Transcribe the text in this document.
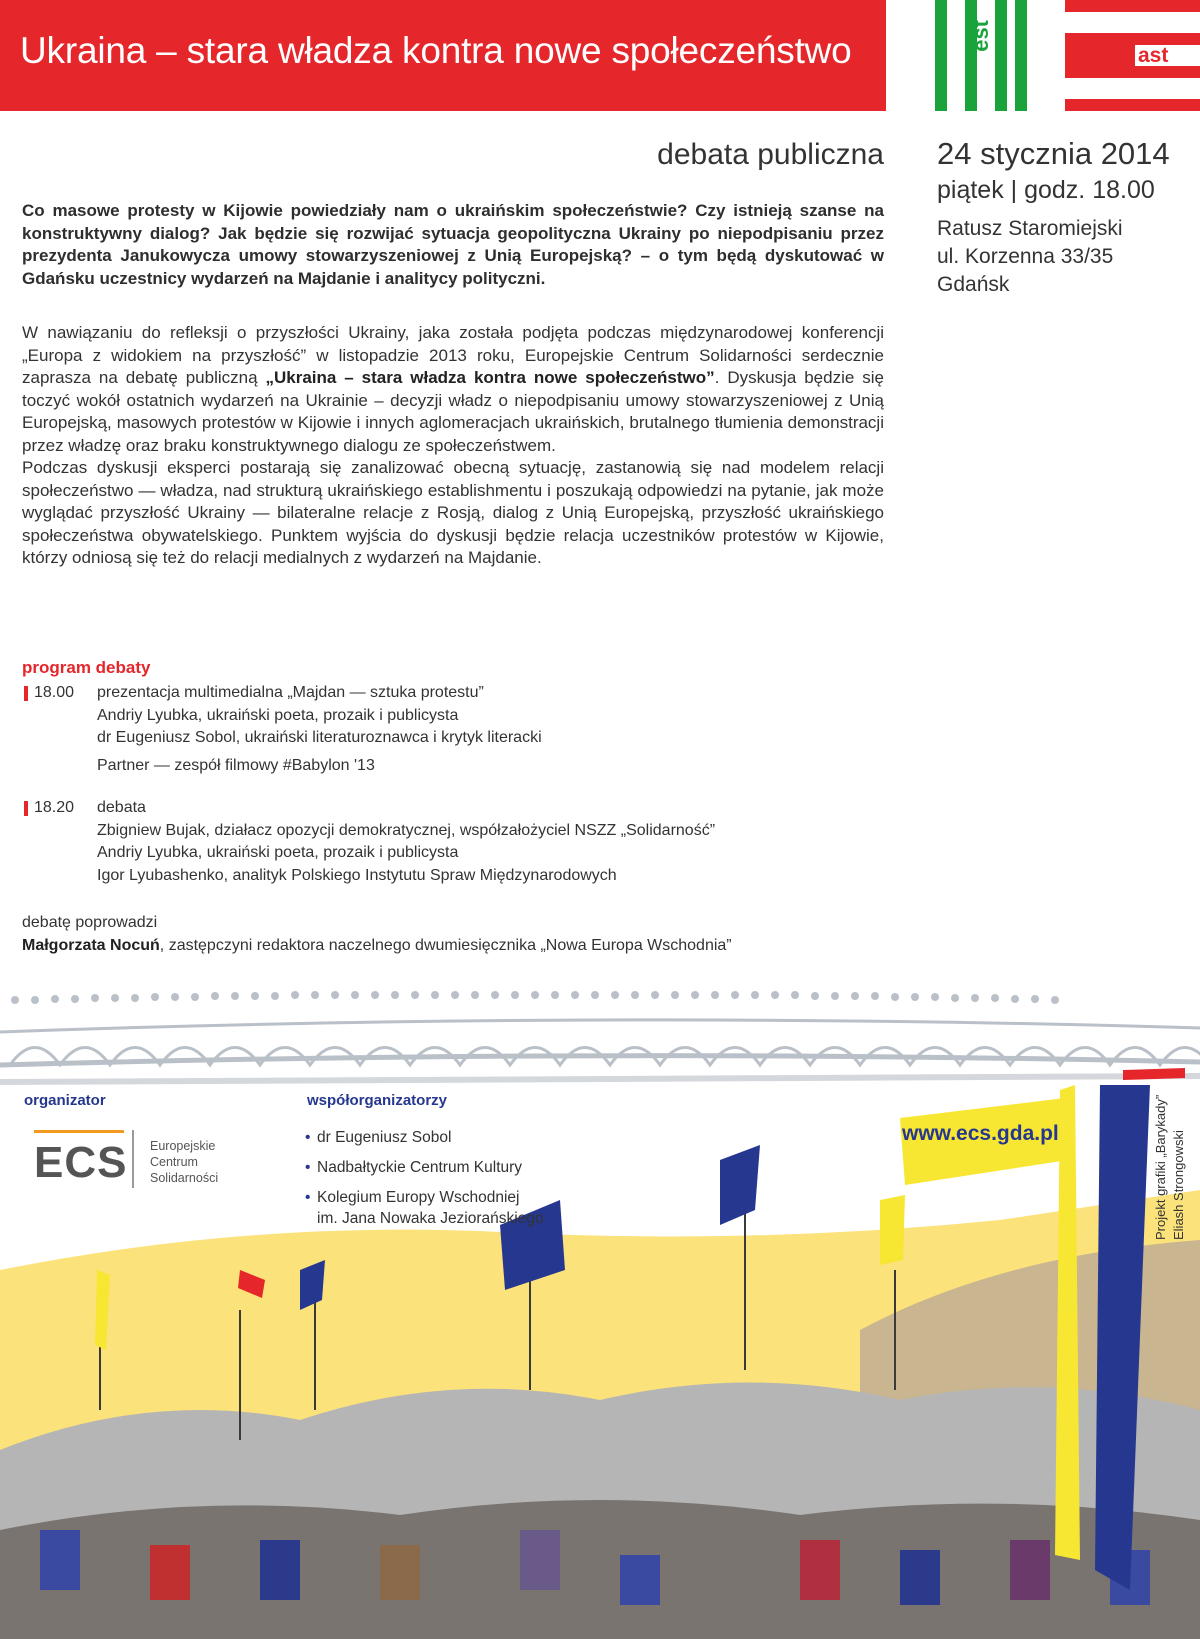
Ukraina – stara władza kontra nowe społeczeństwo	est
ast
debata publiczna 24 stycznia 2014
piątek | godz. 18.00
Ratusz Staromiejski
ul. Korzenna 33/35
Gdańsk
Co masowe protesty w Kijowie powiedziały nam o ukraińskim społeczeństwie? Czy istnieją szanse na konstruktywny dialog? Jak będzie się rozwijać sytuacja geopolityczna Ukrainy po niepodpisaniu przez prezydenta Janukowycza umowy stowarzyszeniowej z Unią Europejską? – o tym będą dyskutować w Gdańsku uczestnicy wydarzeń na Majdanie i analitycy polityczni.

W nawiązaniu do refleksji o przyszłości Ukrainy, jaka została podjęta podczas międzynarodowej konferencji „Europa z widokiem na przyszłość” w listopadzie 2013 roku, Europejskie Centrum Solidarności serdecznie zaprasza na debatę publiczną „Ukraina – stara władza kontra nowe społeczeństwo”. Dyskusja będzie się toczyć wokół ostatnich wydarzeń na Ukrainie – decyzji władz o niepodpisaniu umowy stowarzyszeniowej z Unią Europejską, masowych protestów w Kijowie i innych aglomeracjach ukraińskich, brutalnego tłumienia demonstracji przez władzę oraz braku konstruktywnego dialogu ze społeczeństwem.

Podczas dyskusji eksperci postarają się zanalizować obecną sytuację, zastanowią się nad modelem relacji społeczeństwo — władza, nad strukturą ukraińskiego establishmentu i poszukają odpowiedzi na pytanie, jak może wyglądać przyszłość Ukrainy — bilateralne relacje z Rosją, dialog z Unią Europejską, przyszłość ukraińskiego społeczeństwa obywatelskiego. Punktem wyjścia do dyskusji będzie relacja uczestników protestów w Kijowie, którzy odniosą się też do relacji medialnych z wydarzeń na Majdanie.

program debaty
18.00 prezentacja multimedialna „Majdan — sztuka protestu”
Andriy Lyubka, ukraiński poeta, prozaik i publicysta
dr Eugeniusz Sobol, ukraiński literaturoznawca i krytyk literacki
Partner — zespół filmowy #Babylon '13
18.20 debata
Zbigniew Bujak, działacz opozycji demokratycznej, współzałożyciel NSZZ „Solidarność”
Andriy Lyubka, ukraiński poeta, prozaik i publicysta
Igor Lyubashenko, analityk Polskiego Instytutu Spraw Międzynarodowych
debatę poprowadzi
Małgorzata Nocuń, zastępczyni redaktora naczelnego dwumiesięcznika „Nowa Europa Wschodnia”
organizator
ECS Europejskie
Centrum
Solidarności
współorganizatorzy
• dr Eugeniusz Sobol
• Nadbałtyckie Centrum Kultury
• Kolegium Europy Wschodniej
im. Jana Nowaka Jeziorańskiego
www.ecs.gda.pl	Projekt grafiki „Barykady” Eliash Strongowski
